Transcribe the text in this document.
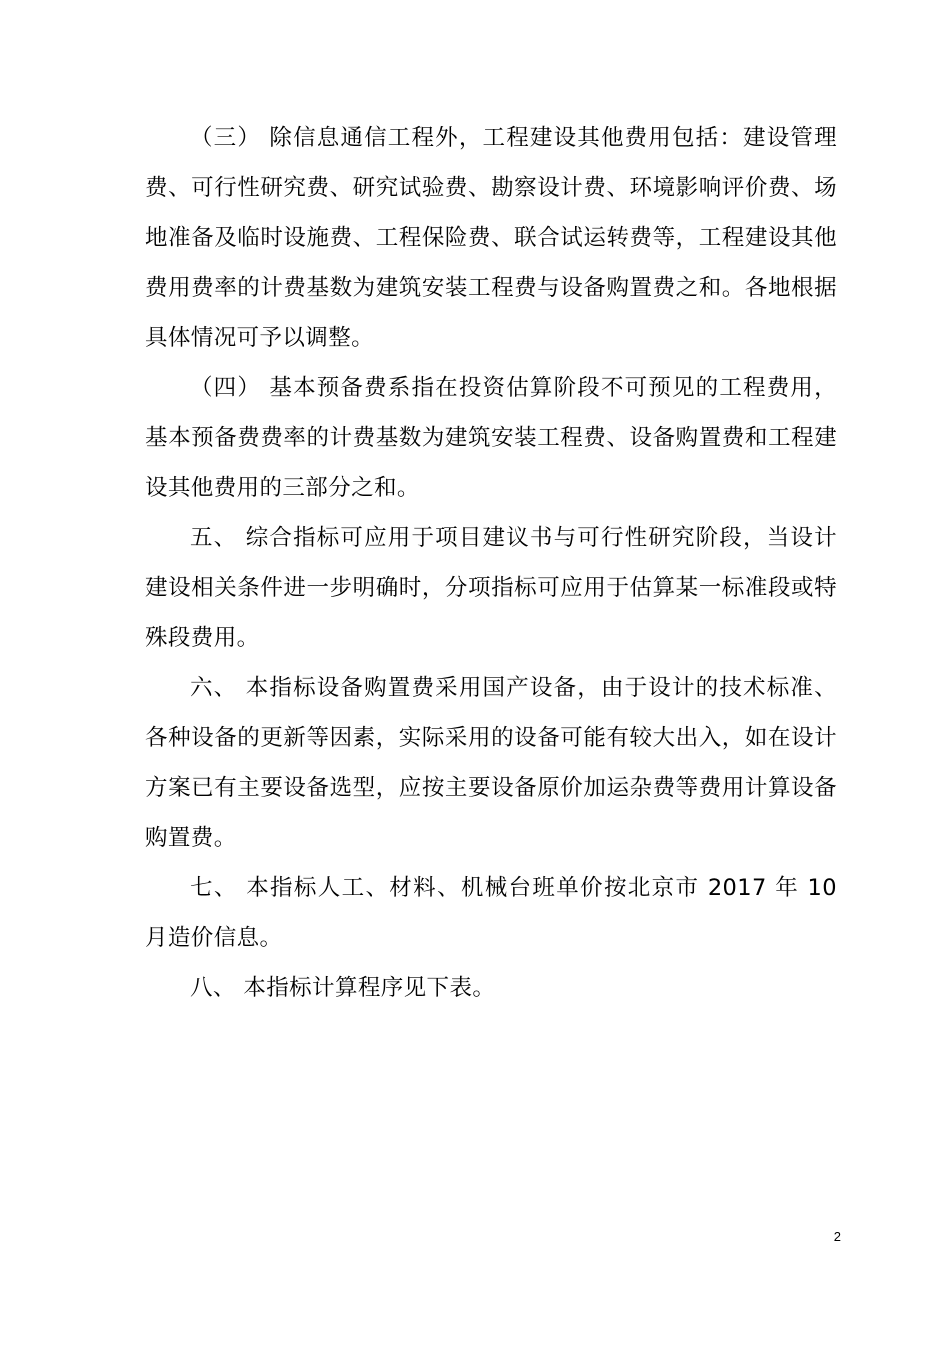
（三） 除信息通信工程外，工程建设其他费用包括：建设管理费、可行性研究费、研究试验费、勘察设计费、环境影响评价费、场地准备及临时设施费、工程保险费、联合试运转费等，工程建设其他费用费率的计费基数为建筑安装工程费与设备购置费之和。各地根据具体情况可予以调整。

（四） 基本预备费系指在投资估算阶段不可预见的工程费用，基本预备费费率的计费基数为建筑安装工程费、设备购置费和工程建设其他费用的三部分之和。

五、 综合指标可应用于项目建议书与可行性研究阶段，当设计建设相关条件进一步明确时，分项指标可应用于估算某一标准段或特殊段费用。

六、 本指标设备购置费采用国产设备，由于设计的技术标准、各种设备的更新等因素，实际采用的设备可能有较大出入，如在设计方案已有主要设备选型，应按主要设备原价加运杂费等费用计算设备购置费。

七、 本指标人工、材料、机械台班单价按北京市 2017 年 10 月造价信息。

八、 本指标计算程序见下表。

2
